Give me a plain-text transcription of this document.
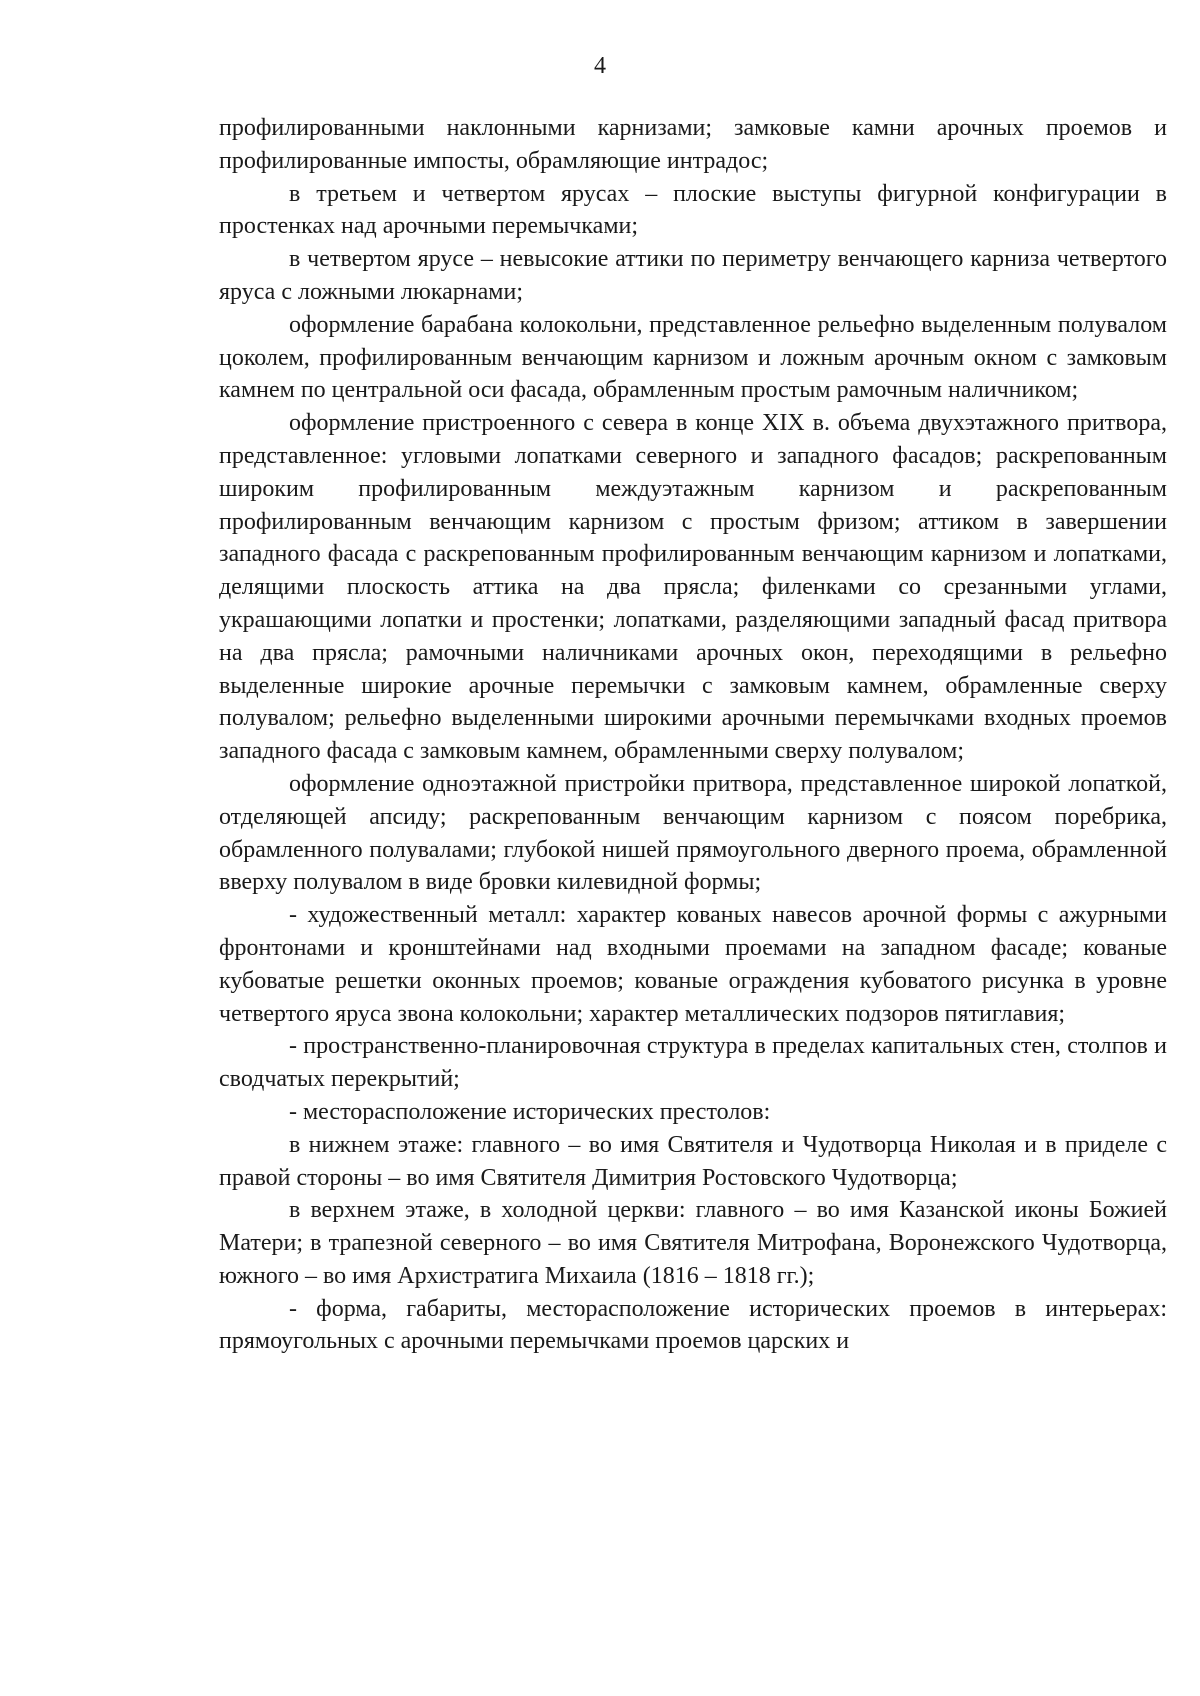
4

профилированными наклонными карнизами; замковые камни арочных проемов и профилированные импосты, обрамляющие интрадос;

в третьем и четвертом ярусах – плоские выступы фигурной конфигурации в простенках над арочными перемычками;

в четвертом ярусе – невысокие аттики по периметру венчающего карниза четвертого яруса с ложными люкарнами;

оформление барабана колокольни, представленное рельефно выделенным полувалом цоколем, профилированным венчающим карнизом и ложным арочным окном с замковым камнем по центральной оси фасада, обрамленным простым рамочным наличником;

оформление пристроенного с севера в конце XIX в. объема двухэтажного притвора, представленное: угловыми лопатками северного и западного фасадов; раскрепованным широким профилированным междуэтажным карнизом и раскрепованным профилированным венчающим карнизом с простым фризом; аттиком в завершении западного фасада с раскрепованным профилированным венчающим карнизом и лопатками, делящими плоскость аттика на два прясла; филенками со срезанными углами, украшающими лопатки и простенки; лопатками, разделяющими западный фасад притвора на два прясла; рамочными наличниками арочных окон, переходящими в рельефно выделенные широкие арочные перемычки с замковым камнем, обрамленные сверху полувалом; рельефно выделенными широкими арочными перемычками входных проемов западного фасада с замковым камнем, обрамленными сверху полувалом;

оформление одноэтажной пристройки притвора, представленное широкой лопаткой, отделяющей апсиду; раскрепованным венчающим карнизом с поясом поребрика, обрамленного полувалами; глубокой нишей прямоугольного дверного проема, обрамленной вверху полувалом в виде бровки килевидной формы;

- художественный металл: характер кованых навесов арочной формы с ажурными фронтонами и кронштейнами над входными проемами на западном фасаде; кованые кубоватые решетки оконных проемов; кованые ограждения кубоватого рисунка в уровне четвертого яруса звона колокольни; характер металлических подзоров пятиглавия;

- пространственно-планировочная структура в пределах капитальных стен, столпов и сводчатых перекрытий;

- месторасположение исторических престолов:

в нижнем этаже: главного – во имя Святителя и Чудотворца Николая и в приделе с правой стороны – во имя Святителя Димитрия Ростовского Чудотворца;

в верхнем этаже, в холодной церкви: главного – во имя Казанской иконы Божией Матери; в трапезной северного – во имя Святителя Митрофана, Воронежского Чудотворца, южного – во имя Архистратига Михаила (1816 – 1818 гг.);

- форма, габариты, месторасположение исторических проемов в интерьерах: прямоугольных с арочными перемычками проемов царских и
